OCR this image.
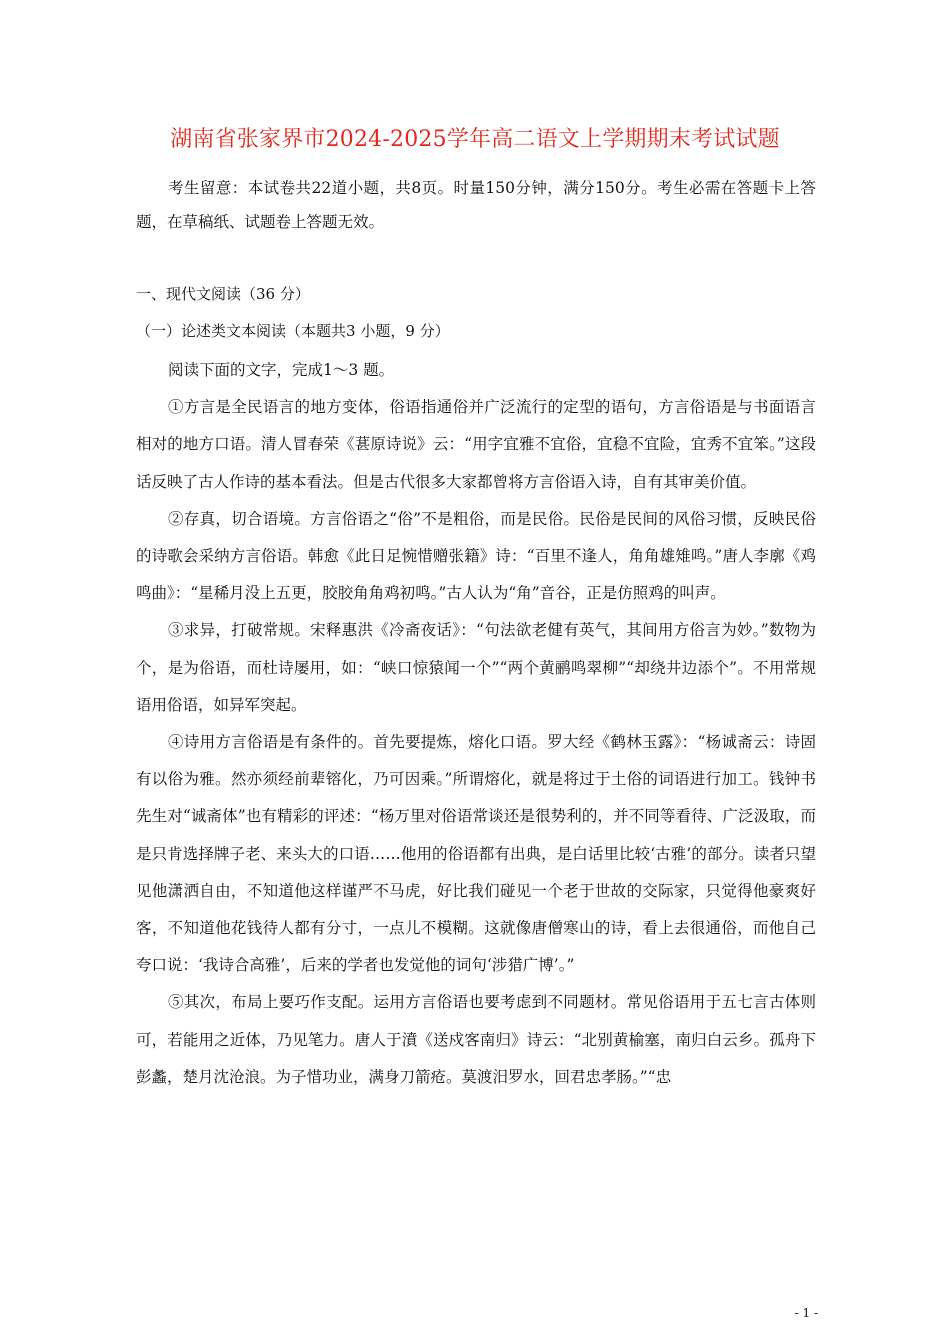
湖南省张家界市2024-2025学年高二语文上学期期末考试试题
考生留意：本试卷共22道小题，共8页。时量150分钟，满分150分。考生必需在答题卡上答题，在草稿纸、试题卷上答题无效。
一、现代文阅读（36 分）
（一）论述类文本阅读（本题共3 小题，9 分）

阅读下面的文字，完成1～3 题。

①方言是全民语言的地方变体，俗语指通俗并广泛流行的定型的语句，方言俗语是与书面语言相对的地方口语。清人冒春荣《葚原诗说》云：“用字宜雅不宜俗，宜稳不宜险，宜秀不宜笨。”这段话反映了古人作诗的基本看法。但是古代很多大家都曾将方言俗语入诗，自有其审美价值。

②存真，切合语境。方言俗语之“俗”不是粗俗，而是民俗。民俗是民间的风俗习惯，反映民俗的诗歌会采纳方言俗语。韩愈《此日足惋惜赠张籍》诗：“百里不逢人，角角雄雉鸣。”唐人李廓《鸡鸣曲》：“星稀月没上五更，胶胶角角鸡初鸣。”古人认为“角”音谷，正是仿照鸡的叫声。

③求异，打破常规。宋释惠洪《冷斋夜话》：“句法欲老健有英气，其间用方俗言为妙。”数物为个，是为俗语，而杜诗屡用，如：“峡口惊猿闻一个”“两个黄鹂鸣翠柳”“却绕井边添个”。不用常规语用俗语，如异军突起。

④诗用方言俗语是有条件的。首先要提炼，熔化口语。罗大经《鹤林玉露》：“杨诚斋云：诗固有以俗为雅。然亦须经前辈镕化，乃可因乘。”所谓熔化，就是将过于土俗的词语进行加工。钱钟书先生对“诚斋体”也有精彩的评述：“杨万里对俗语常谈还是很势利的，并不同等看待、广泛汲取，而是只肯选择牌子老、来头大的口语……他用的俗语都有出典，是白话里比较‘古雅’的部分。读者只望见他潇洒自由，不知道他这样谨严不马虎，好比我们碰见一个老于世故的交际家，只觉得他豪爽好客，不知道他花钱待人都有分寸，一点儿不模糊。这就像唐僧寒山的诗，看上去很通俗，而他自己夸口说：‘我诗合高雅’，后来的学者也发觉他的词句‘涉猎广博’。”

⑤其次，布局上要巧作支配。运用方言俗语也要考虑到不同题材。常见俗语用于五七言古体则可，若能用之近体，乃见笔力。唐人于濆《送戍客南归》诗云：“北别黄榆塞，南归白云乡。孤舟下彭蠡，楚月沈沧浪。为子惜功业，满身刀箭疮。莫渡汨罗水，回君忠孝肠。”“忠

- 1 -
